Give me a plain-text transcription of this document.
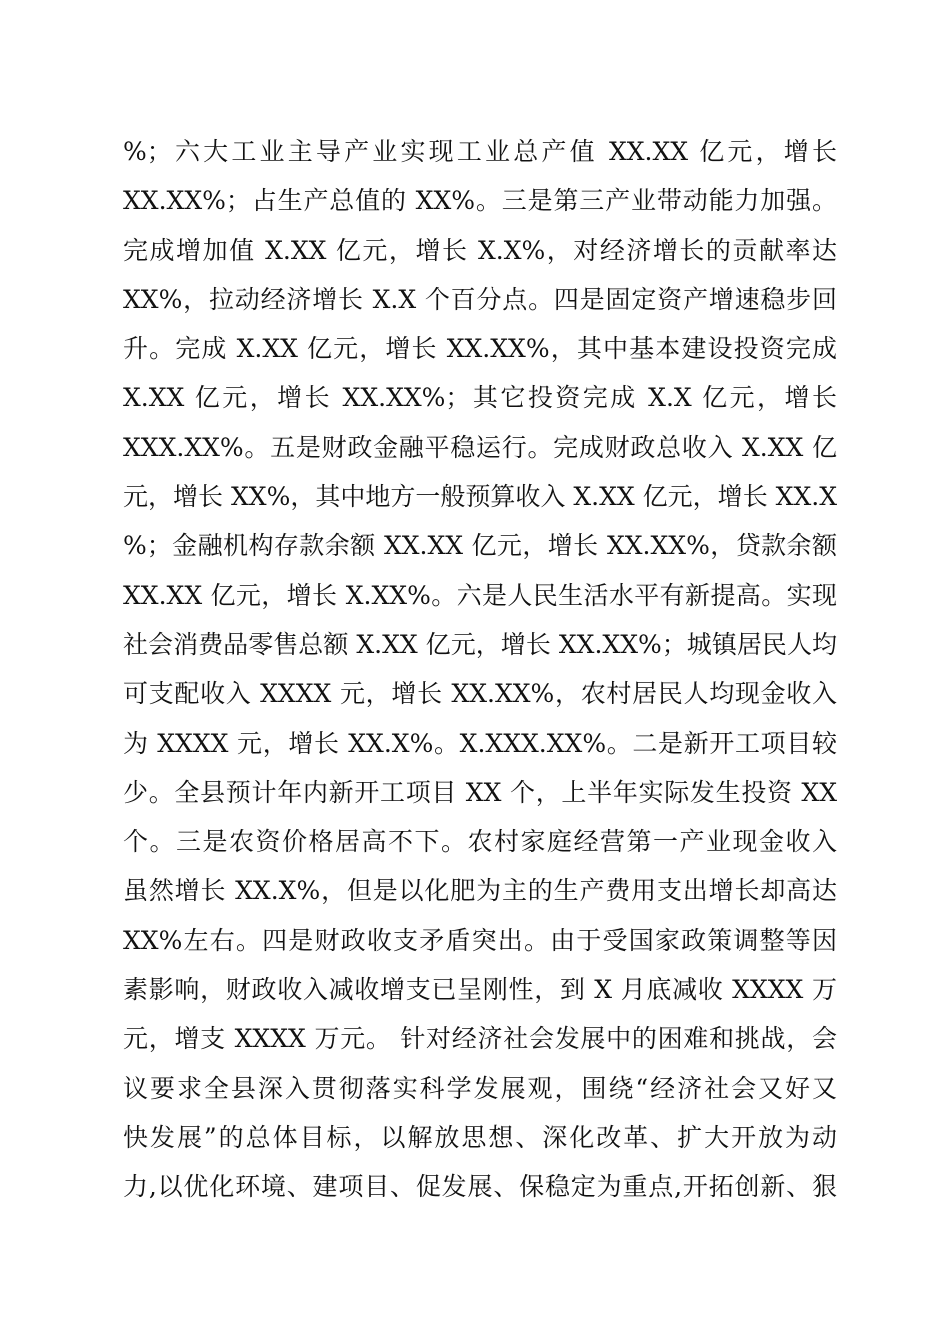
%；六大工业主导产业实现工业总产值 XX.XX 亿元，增长
XX.XX%；占生产总值的 XX%。三是第三产业带动能力加强。
完成增加值 X.XX 亿元，增长 X.X%，对经济增长的贡献率达
XX%，拉动经济增长 X.X 个百分点。四是固定资产增速稳步回
升。完成 X.XX 亿元，增长 XX.XX%，其中基本建设投资完成
X.XX 亿元，增长 XX.XX%；其它投资完成 X.X 亿元，增长
XXX.XX%。五是财政金融平稳运行。完成财政总收入 X.XX 亿
元，增长 XX%，其中地方一般预算收入 X.XX 亿元，增长 XX.X
%；金融机构存款余额 XX.XX 亿元，增长 XX.XX%，贷款余额
XX.XX 亿元，增长 X.XX%。六是人民生活水平有新提高。实现
社会消费品零售总额 X.XX 亿元，增长 XX.XX%；城镇居民人均
可支配收入 XXXX 元，增长 XX.XX%，农村居民人均现金收入
为 XXXX 元，增长 XX.X%。X.XXX.XX%。二是新开工项目较
少。全县预计年内新开工项目 XX 个，上半年实际发生投资 XX
个。三是农资价格居高不下。农村家庭经营第一产业现金收入
虽然增长 XX.X%，但是以化肥为主的生产费用支出增长却高达
XX%左右。四是财政收支矛盾突出。由于受国家政策调整等因
素影响，财政收入减收增支已呈刚性，到 X 月底减收 XXXX 万
元，增支 XXXX 万元。 针对经济社会发展中的困难和挑战，会
议要求全县深入贯彻落实科学发展观，围绕“经济社会又好又
快发展”的总体目标，以解放思想、深化改革、扩大开放为动
力,以优化环境、建项目、促发展、保稳定为重点,开拓创新、狠
